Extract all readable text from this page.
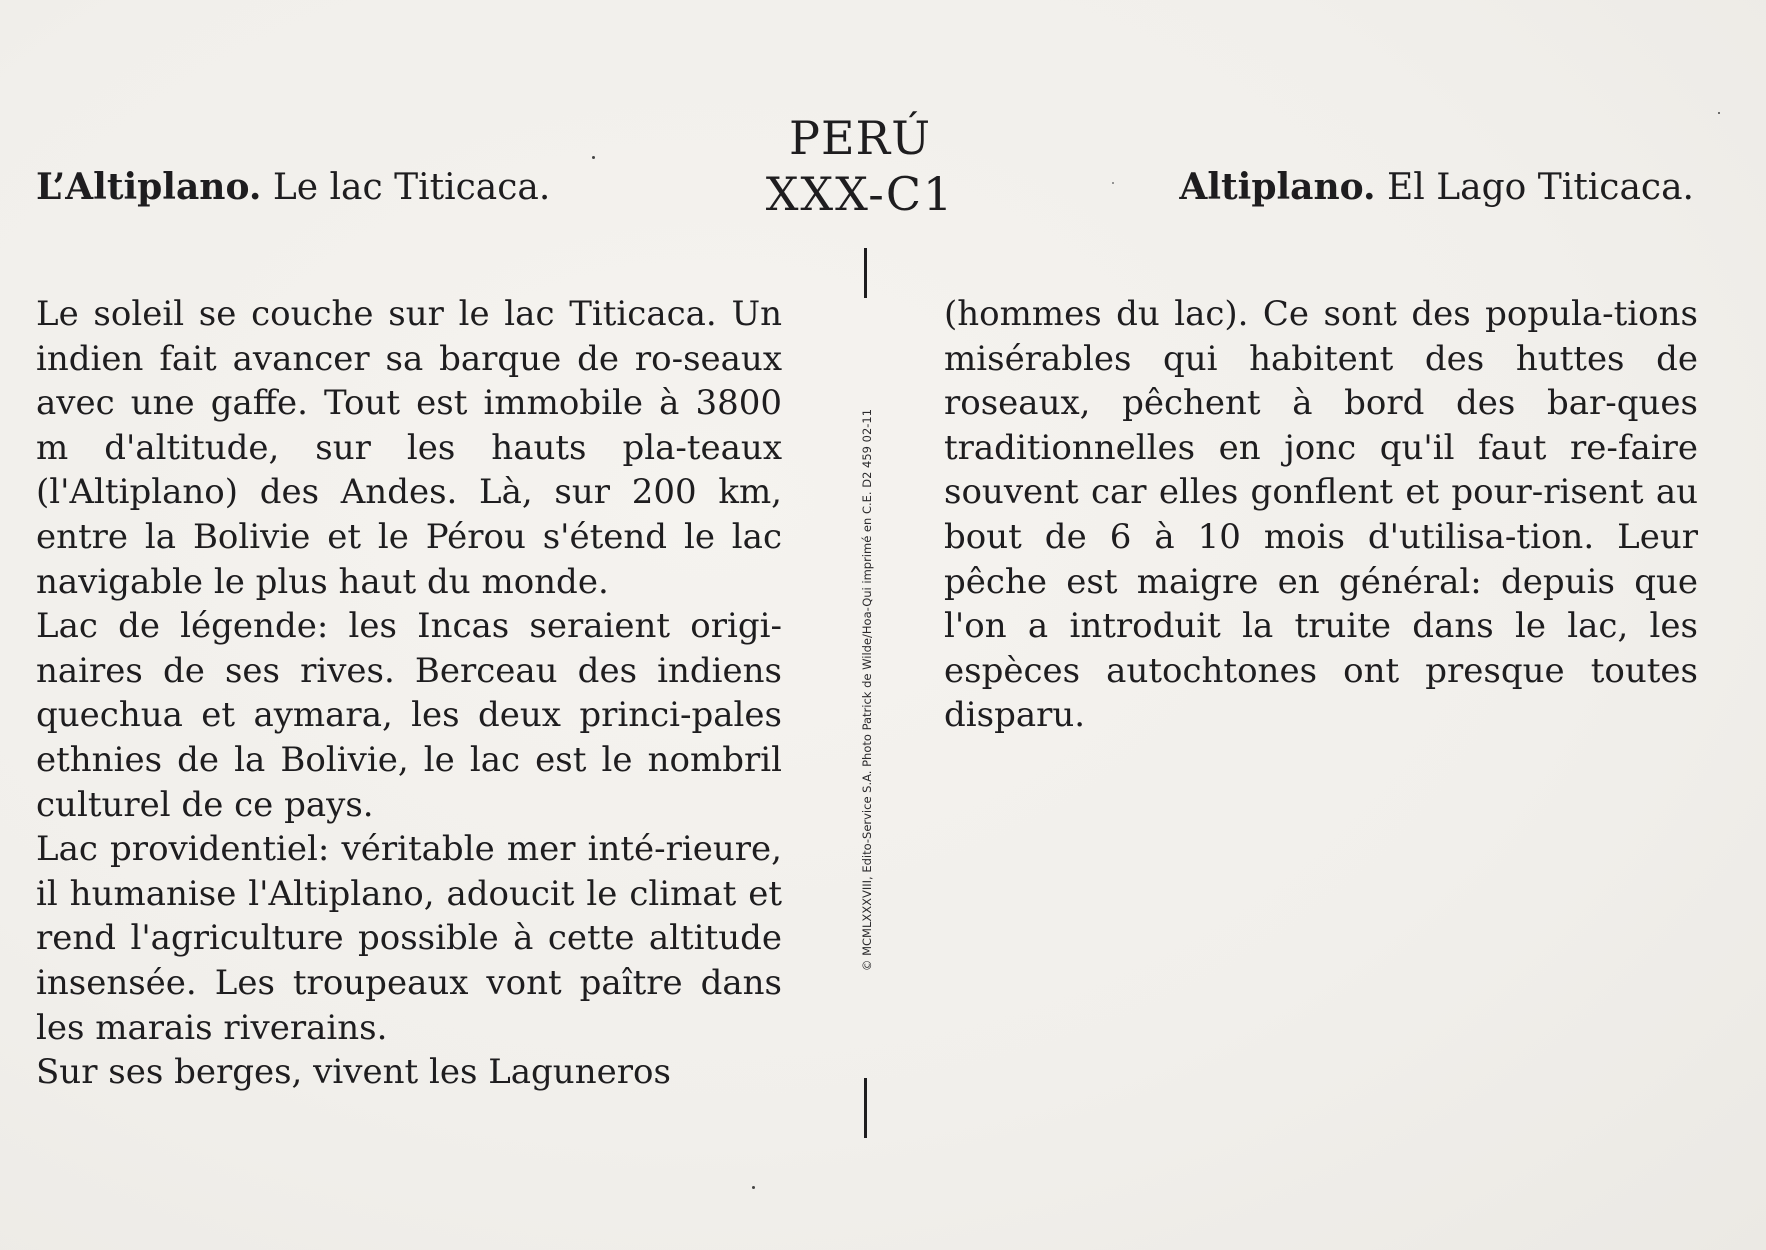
L’Altiplano. Le lac Titicaca.
PERÚ
XXX-C1	Altiplano. El Lago Titicaca.

Le soleil se couche sur le lac Titicaca. Un indien fait avancer sa barque de ro-seaux avec une gaffe. Tout est immobile à 3800 m d'altitude, sur les hauts pla-teaux (l'Altiplano) des Andes. Là, sur 200 km, entre la Bolivie et le Pérou s'étend le lac navigable le plus haut du monde.

Lac de légende: les Incas seraient origi-naires de ses rives. Berceau des indiens quechua et aymara, les deux princi-pales ethnies de la Bolivie, le lac est le nombril culturel de ce pays.

Lac providentiel: véritable mer inté-rieure, il humanise l'Altiplano, adoucit le climat et rend l'agriculture possible à cette altitude insensée. Les troupeaux vont paître dans les marais riverains.

Sur ses berges, vivent les Laguneros

© MCMLXXXVIII, Edito-Service S.A. Photo Patrick de Wilde/Hoa-Qui imprimé en C.E. D2 459 02-11

(hommes du lac). Ce sont des popula-tions misérables qui habitent des huttes de roseaux, pêchent à bord des bar-ques traditionnelles en jonc qu'il faut re-faire souvent car elles gonflent et pour-risent au bout de 6 à 10 mois d'utilisa-tion. Leur pêche est maigre en général: depuis que l'on a introduit la truite dans le lac, les espèces autochtones ont presque toutes disparu.
